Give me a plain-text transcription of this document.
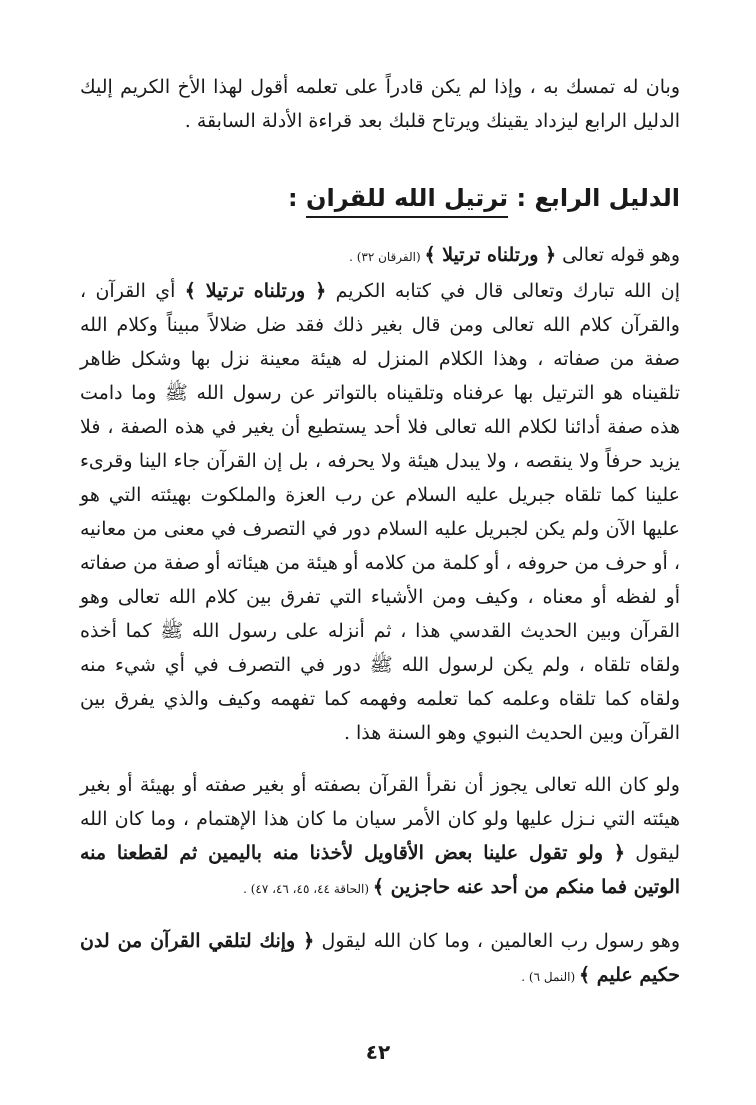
وبان له تمسك به ، وإذا لم يكن قادراً على تعلمه أقول لهذا الأخ الكريم إليك الدليل الرابع ليزداد يقينك ويرتاح قلبك بعد قراءة الأدلة السابقة .

الدليل الرابع : ترتيل الله للقران :

وهو قوله تعالى ﴿ ورتلناه ترتيلا ﴾ (الفرقان ٣٢) .

إن الله تبارك وتعالى قال في كتابه الكريم ﴿ ورتلناه ترتيلا ﴾ أي القرآن ، والقرآن كلام الله تعالى ومن قال بغير ذلك فقد ضل ضلالاً مبيناً وكلام الله صفة من صفاته ، وهذا الكلام المنزل له هيئة معينة نزل بها وشكل ظاهر تلقيناه هو الترتيل بها عرفناه وتلقيناه بالتواتر عن رسول الله ﷺ وما دامت هذه صفة أدائنا لكلام الله تعالى فلا أحد يستطيع أن يغير في هذه الصفة ، فلا يزيد حرفاً ولا ينقصه ، ولا يبدل هيئة ولا يحرفه ، بل إن القرآن جاء الينا وقرىء علينا كما تلقاه جبريل عليه السلام عن رب العزة والملكوت بهيئته التي هو عليها الآن ولم يكن لجبريل عليه السلام دور في التصرف في معنى من معانيه ، أو حرف من حروفه ، أو كلمة من كلامه أو هيئة من هيئاته أو صفة من صفاته أو لفظه أو معناه ، وكيف ومن الأشياء التي تفرق بين كلام الله تعالى وهو القرآن وبين الحديث القدسي هذا ، ثم أنزله على رسول الله ﷺ كما أخذه ولقاه تلقاه ، ولم يكن لرسول الله ﷺ دور في التصرف في أي شيء منه ولقاه كما تلقاه وعلمه كما تعلمه وفهمه كما تفهمه وكيف والذي يفرق بين القرآن وبين الحديث النبوي وهو السنة هذا .

ولو كان الله تعالى يجوز أن نقرأ القرآن بصفته أو بغير صفته أو بهيئة أو بغير هيئته التي نـزل عليها ولو كان الأمر سيان ما كان هذا الإهتمام ، وما كان الله ليقول ﴿ ولو تقول علينا بعض الأقاويل لأخذنا منه باليمين ثم لقطعنا منه الوتين فما منكم من أحد عنه حاجزين ﴾ (الحاقة ٤٤، ٤٥، ٤٦، ٤٧) .

وهو رسول رب العالمين ، وما كان الله ليقول ﴿ وإنك لتلقي القرآن من لدن حكيم عليم ﴾ (النمل ٦) .

٤٢
